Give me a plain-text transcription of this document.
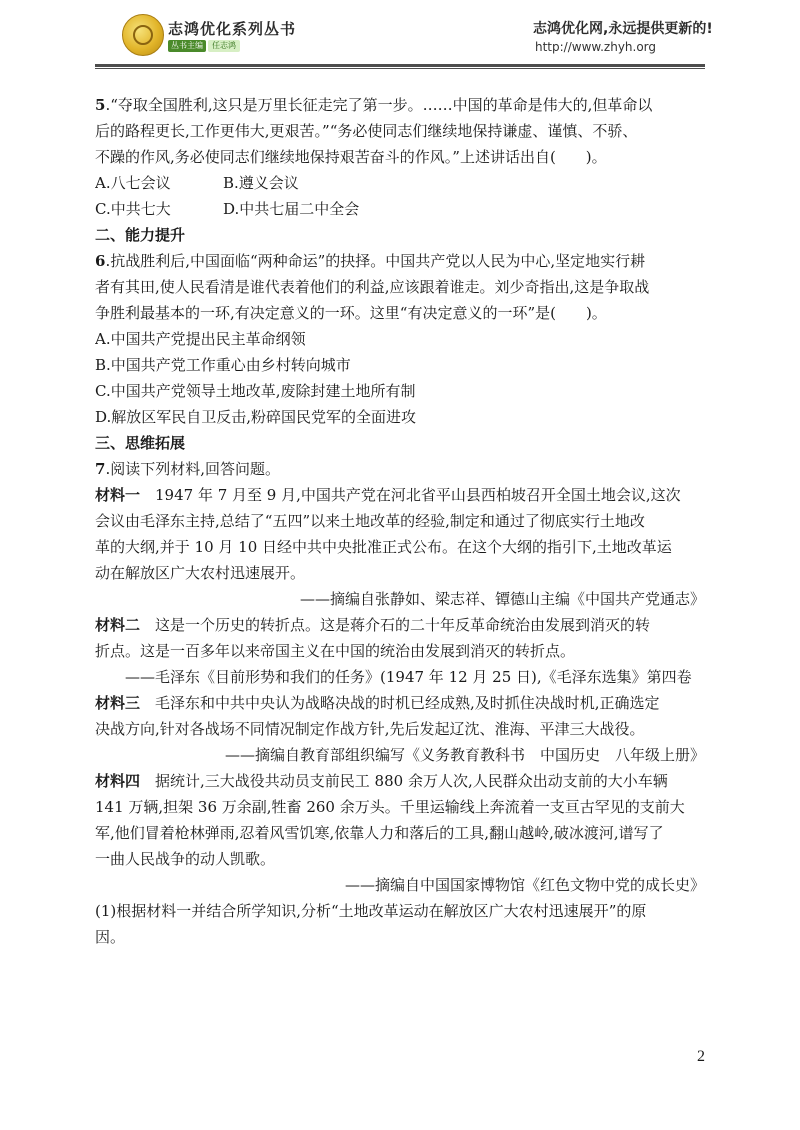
志鸿优化系列丛书
丛书主编 任志鸿
志鸿优化网,永远提供更新的!
http://www.zhyh.org
5.“夺取全国胜利,这只是万里长征走完了第一步。……中国的革命是伟大的,但革命以
后的路程更长,工作更伟大,更艰苦。”“务必使同志们继续地保持谦虚、谨慎、不骄、
不躁的作风,务必使同志们继续地保持艰苦奋斗的作风。”上述讲话出自(　　)。
A.八七会议	B.遵义会议
C.中共七大	D.中共七届二中全会
二、能力提升
6.抗战胜利后,中国面临“两种命运”的抉择。中国共产党以人民为中心,坚定地实行耕
者有其田,使人民看清是谁代表着他们的利益,应该跟着谁走。刘少奇指出,这是争取战
争胜利最基本的一环,有决定意义的一环。这里“有决定意义的一环”是(　　)。
A.中国共产党提出民主革命纲领
B.中国共产党工作重心由乡村转向城市
C.中国共产党领导土地改革,废除封建土地所有制
D.解放区军民自卫反击,粉碎国民党军的全面进攻
三、思维拓展
7.阅读下列材料,回答问题。
材料一　1947 年 7 月至 9 月,中国共产党在河北省平山县西柏坡召开全国土地会议,这次
会议由毛泽东主持,总结了“五四”以来土地改革的经验,制定和通过了彻底实行土地改
革的大纲,并于 10 月 10 日经中共中央批准正式公布。在这个大纲的指引下,土地改革运
动在解放区广大农村迅速展开。
——摘编自张静如、梁志祥、镡德山主编《中国共产党通志》
材料二　这是一个历史的转折点。这是蒋介石的二十年反革命统治由发展到消灭的转
折点。这是一百多年以来帝国主义在中国的统治由发展到消灭的转折点。
——毛泽东《目前形势和我们的任务》(1947 年 12 月 25 日),《毛泽东选集》第四卷
材料三　毛泽东和中共中央认为战略决战的时机已经成熟,及时抓住决战时机,正确选定
决战方向,针对各战场不同情况制定作战方针,先后发起辽沈、淮海、平津三大战役。
——摘编自教育部组织编写《义务教育教科书　中国历史　八年级上册》
材料四　据统计,三大战役共动员支前民工 880 余万人次,人民群众出动支前的大小车辆
141 万辆,担架 36 万余副,牲畜 260 余万头。千里运输线上奔流着一支亘古罕见的支前大
军,他们冒着枪林弹雨,忍着风雪饥寒,依靠人力和落后的工具,翻山越岭,破冰渡河,谱写了
一曲人民战争的动人凯歌。
——摘编自中国国家博物馆《红色文物中党的成长史》
(1)根据材料一并结合所学知识,分析“土地改革运动在解放区广大农村迅速展开”的原
因。
2
